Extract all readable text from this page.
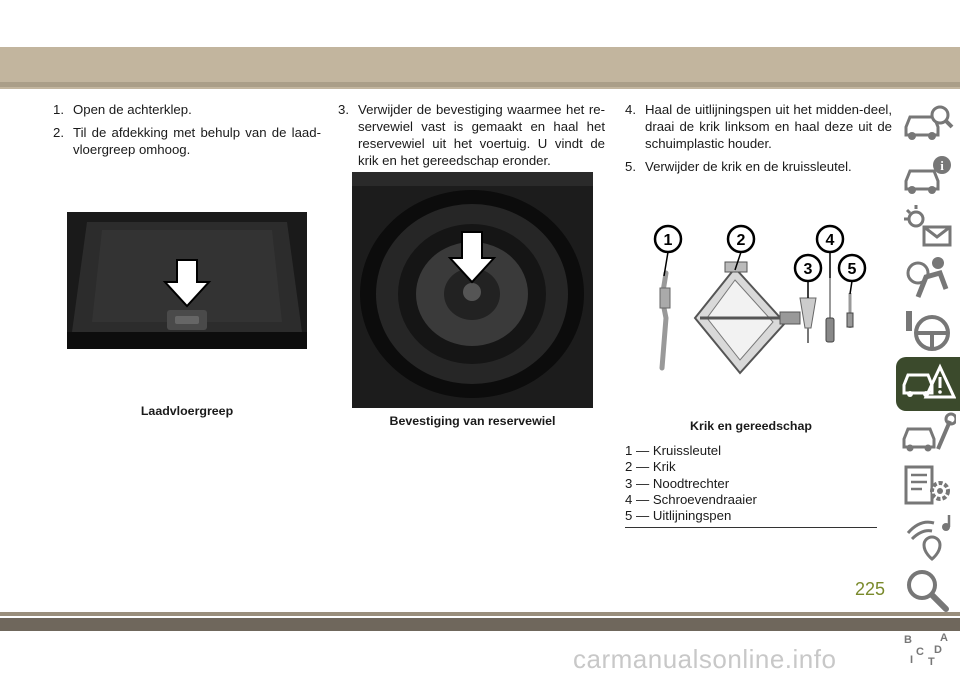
1. Open de achterklep.

2. Til de afdekking met behulp van de laad-vloergreep omhoog.

Laadvloergreep

3. Verwijder de bevestiging waarmee het re-servewiel vast is gemaakt en haal het reservewiel uit het voertuig. U vindt de krik en het gereedschap eronder.

Bevestiging van reservewiel

4. Haal de uitlijningspen uit het midden-deel, draai de krik linksom en haal deze uit de schuimplastic houder.

5. Verwijder de krik en de kruissleutel.

1	2
3
4
5
Krik en gereedschap
1 — Kruissleutel
2 — Krik
3 — Noodtrechter
4 — Schroevendraaier
5 — Uitlijningspen
i
B	A
C D
I T
225
carmanualsonline.info
